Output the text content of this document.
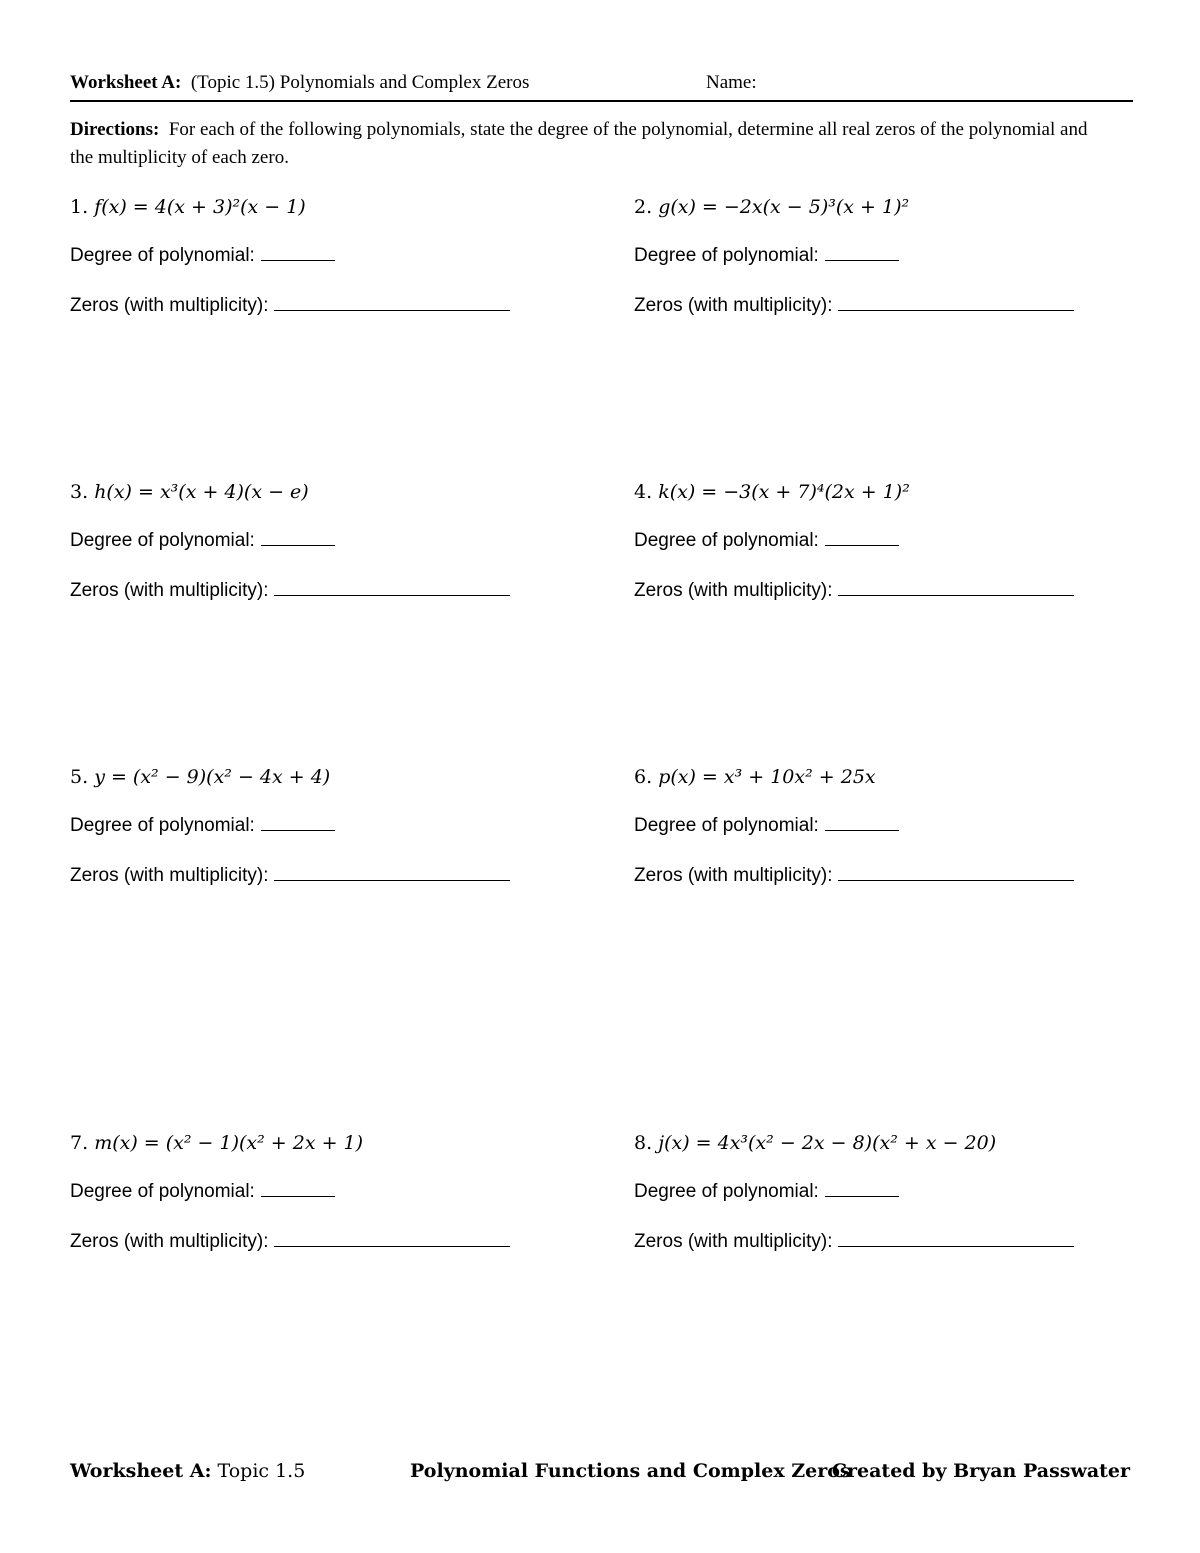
Worksheet A: (Topic 1.5) Polynomials and Complex Zeros	Name:
Directions: For each of the following polynomials, state the degree of the polynomial, determine all real zeros of the polynomial and the multiplicity of each zero.
1. f(x) = 4(x + 3)²(x − 1)
Degree of polynomial:
Zeros (with multiplicity):
2. g(x) = −2x(x − 5)³(x + 1)²
Degree of polynomial:
Zeros (with multiplicity):
3. h(x) = x³(x + 4)(x − e)
Degree of polynomial:
Zeros (with multiplicity):
4. k(x) = −3(x + 7)⁴(2x + 1)²
Degree of polynomial:
Zeros (with multiplicity):
5. y = (x² − 9)(x² − 4x + 4)
Degree of polynomial:
Zeros (with multiplicity):
6. p(x) = x³ + 10x² + 25x
Degree of polynomial:
Zeros (with multiplicity):
7. m(x) = (x² − 1)(x² + 2x + 1)
Degree of polynomial:
Zeros (with multiplicity):
8. j(x) = 4x³(x² − 2x − 8)(x² + x − 20)
Degree of polynomial:
Zeros (with multiplicity):
Worksheet A: Topic 1.5	Polynomial Functions and Complex Zeros
Created by Bryan Passwater
